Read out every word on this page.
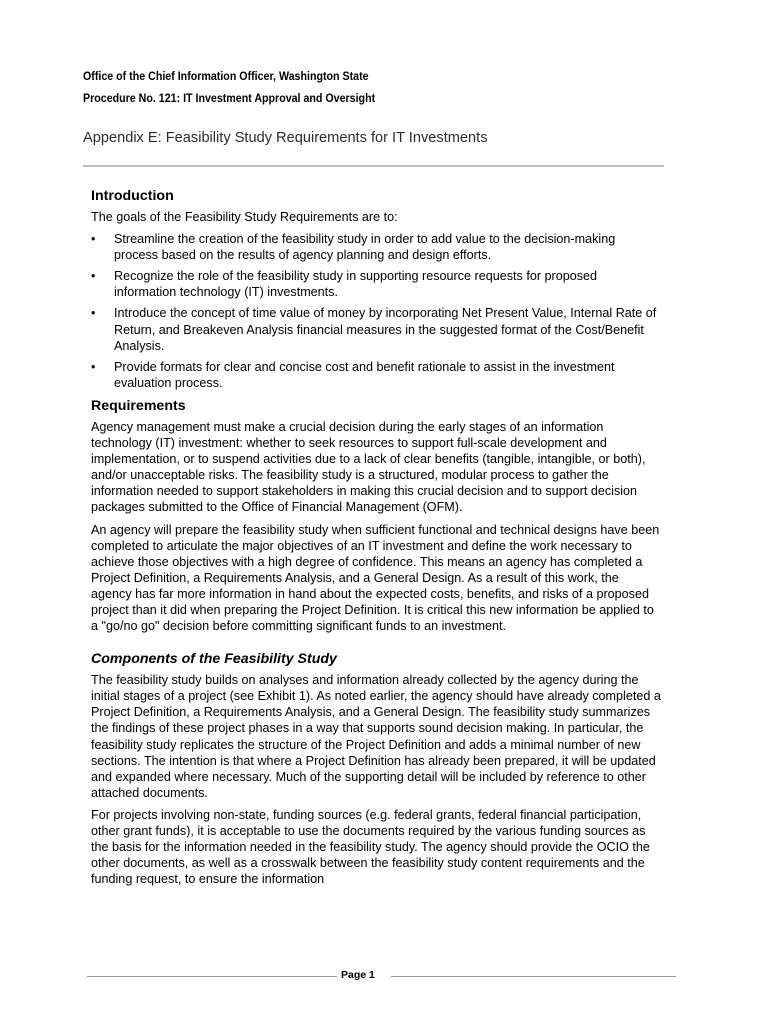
Office of the Chief Information Officer, Washington State
Procedure No. 121: IT Investment Approval and Oversight
Appendix E: Feasibility Study Requirements for IT Investments
Introduction

The goals of the Feasibility Study Requirements are to:

• Streamline the creation of the feasibility study in order to add value to the decision-making process based on the results of agency planning and design efforts.
• Recognize the role of the feasibility study in supporting resource requests for proposed information technology (IT) investments.
• Introduce the concept of time value of money by incorporating Net Present Value, Internal Rate of Return, and Breakeven Analysis financial measures in the suggested format of the Cost/Benefit Analysis.
• Provide formats for clear and concise cost and benefit rationale to assist in the investment evaluation process.
Requirements

Agency management must make a crucial decision during the early stages of an information technology (IT) investment: whether to seek resources to support full-scale development and implementation, or to suspend activities due to a lack of clear benefits (tangible, intangible, or both), and/or unacceptable risks. The feasibility study is a structured, modular process to gather the information needed to support stakeholders in making this crucial decision and to support decision packages submitted to the Office of Financial Management (OFM).

An agency will prepare the feasibility study when sufficient functional and technical designs have been completed to articulate the major objectives of an IT investment and define the work necessary to achieve those objectives with a high degree of confidence. This means an agency has completed a Project Definition, a Requirements Analysis, and a General Design. As a result of this work, the agency has far more information in hand about the expected costs, benefits, and risks of a proposed project than it did when preparing the Project Definition. It is critical this new information be applied to a "go/no go" decision before committing significant funds to an investment.

Components of the Feasibility Study

The feasibility study builds on analyses and information already collected by the agency during the initial stages of a project (see Exhibit 1). As noted earlier, the agency should have already completed a Project Definition, a Requirements Analysis, and a General Design. The feasibility study summarizes the findings of these project phases in a way that supports sound decision making. In particular, the feasibility study replicates the structure of the Project Definition and adds a minimal number of new sections. The intention is that where a Project Definition has already been prepared, it will be updated and expanded where necessary. Much of the supporting detail will be included by reference to other attached documents.

For projects involving non-state, funding sources (e.g. federal grants, federal financial participation, other grant funds), it is acceptable to use the documents required by the various funding sources as the basis for the information needed in the feasibility study. The agency should provide the OCIO the other documents, as well as a crosswalk between the feasibility study content requirements and the funding request, to ensure the information

Page 1
